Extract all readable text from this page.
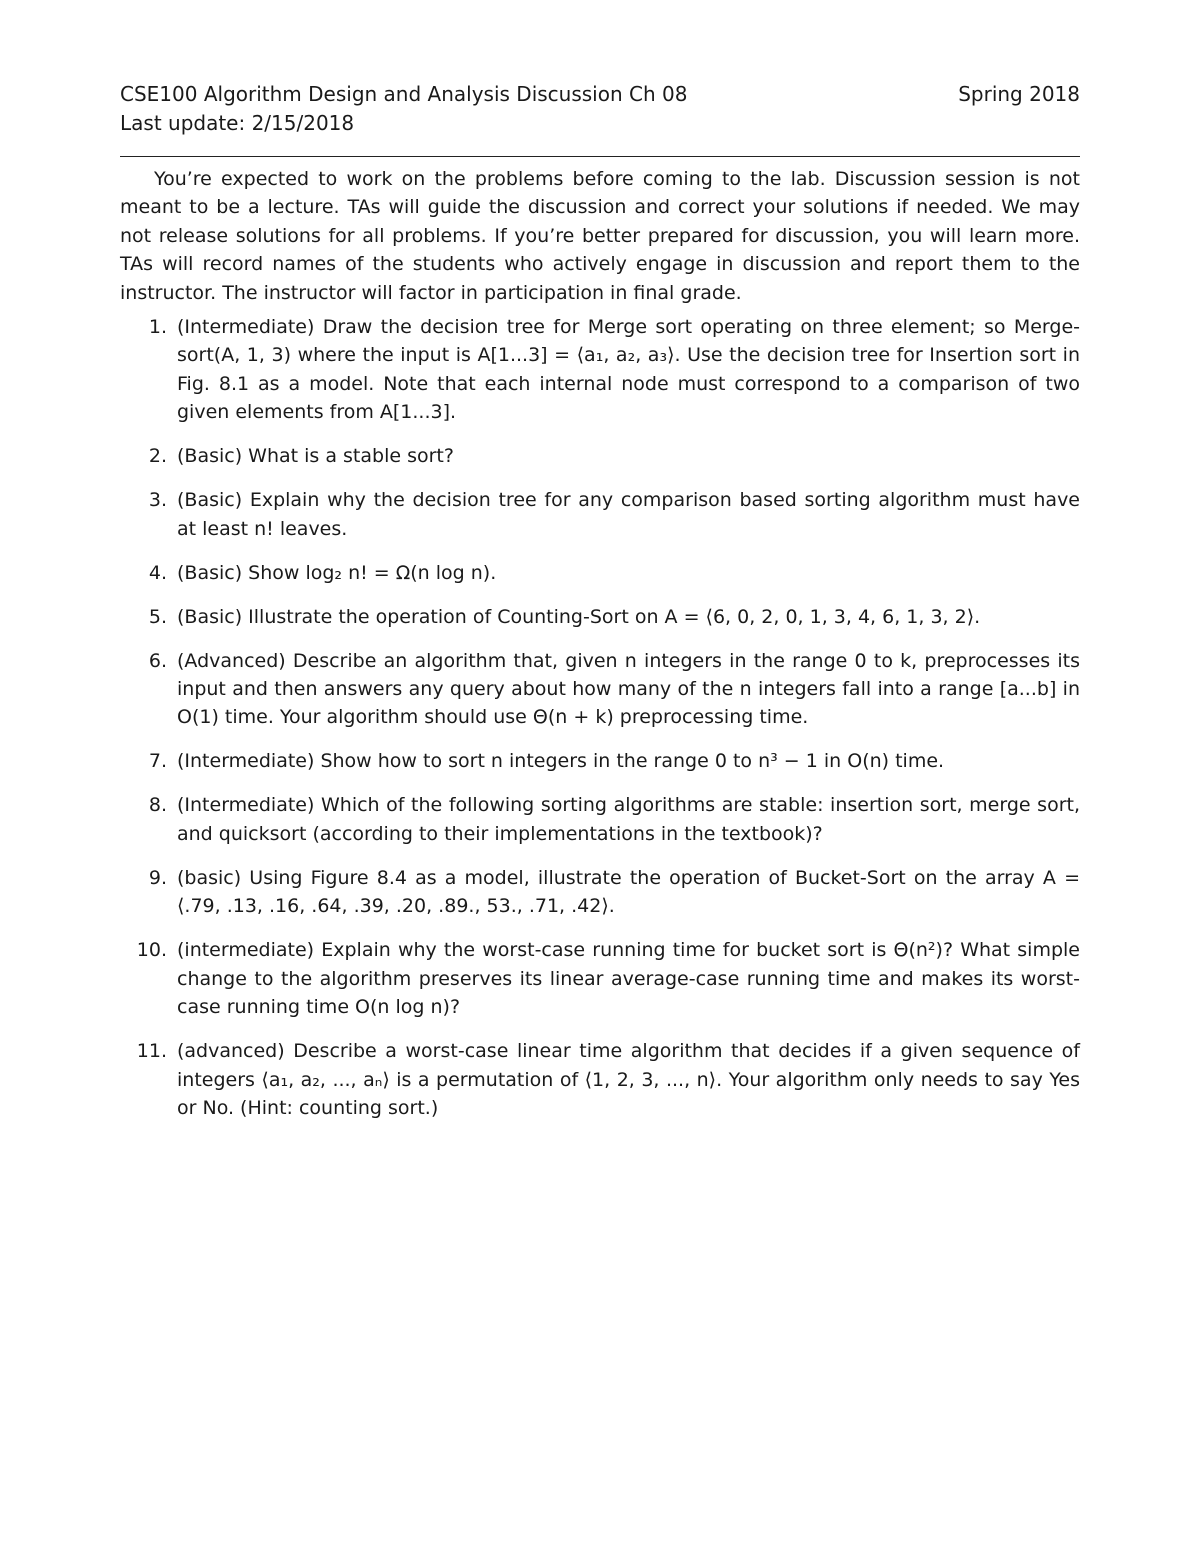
CSE100 Algorithm Design and Analysis Discussion Ch 08	Spring 2018
Last update: 2/15/2018

You’re expected to work on the problems before coming to the lab. Discussion session is not meant to be a lecture. TAs will guide the discussion and correct your solutions if needed. We may not release solutions for all problems. If you’re better prepared for discussion, you will learn more. TAs will record names of the students who actively engage in discussion and report them to the instructor. The instructor will factor in participation in final grade.

1. (Intermediate) Draw the decision tree for Merge sort operating on three element; so Merge-sort(A, 1, 3) where the input is A[1...3] = ⟨a₁, a₂, a₃⟩. Use the decision tree for Insertion sort in Fig. 8.1 as a model. Note that each internal node must correspond to a comparison of two given elements from A[1...3].
2. (Basic) What is a stable sort?
3. (Basic) Explain why the decision tree for any comparison based sorting algorithm must have at least n! leaves.
4. (Basic) Show log₂ n! = Ω(n log n).
5. (Basic) Illustrate the operation of Counting-Sort on A = ⟨6, 0, 2, 0, 1, 3, 4, 6, 1, 3, 2⟩.
6. (Advanced) Describe an algorithm that, given n integers in the range 0 to k, preprocesses its input and then answers any query about how many of the n integers fall into a range [a...b] in O(1) time. Your algorithm should use Θ(n + k) preprocessing time.
7. (Intermediate) Show how to sort n integers in the range 0 to n³ − 1 in O(n) time.
8. (Intermediate) Which of the following sorting algorithms are stable: insertion sort, merge sort, and quicksort (according to their implementations in the textbook)?
9. (basic) Using Figure 8.4 as a model, illustrate the operation of Bucket-Sort on the array A = ⟨.79, .13, .16, .64, .39, .20, .89., 53., .71, .42⟩.
10. (intermediate) Explain why the worst-case running time for bucket sort is Θ(n²)? What simple change to the algorithm preserves its linear average-case running time and makes its worst-case running time O(n log n)?
11. (advanced) Describe a worst-case linear time algorithm that decides if a given sequence of integers ⟨a₁, a₂, ..., aₙ⟩ is a permutation of ⟨1, 2, 3, ..., n⟩. Your algorithm only needs to say Yes or No. (Hint: counting sort.)
